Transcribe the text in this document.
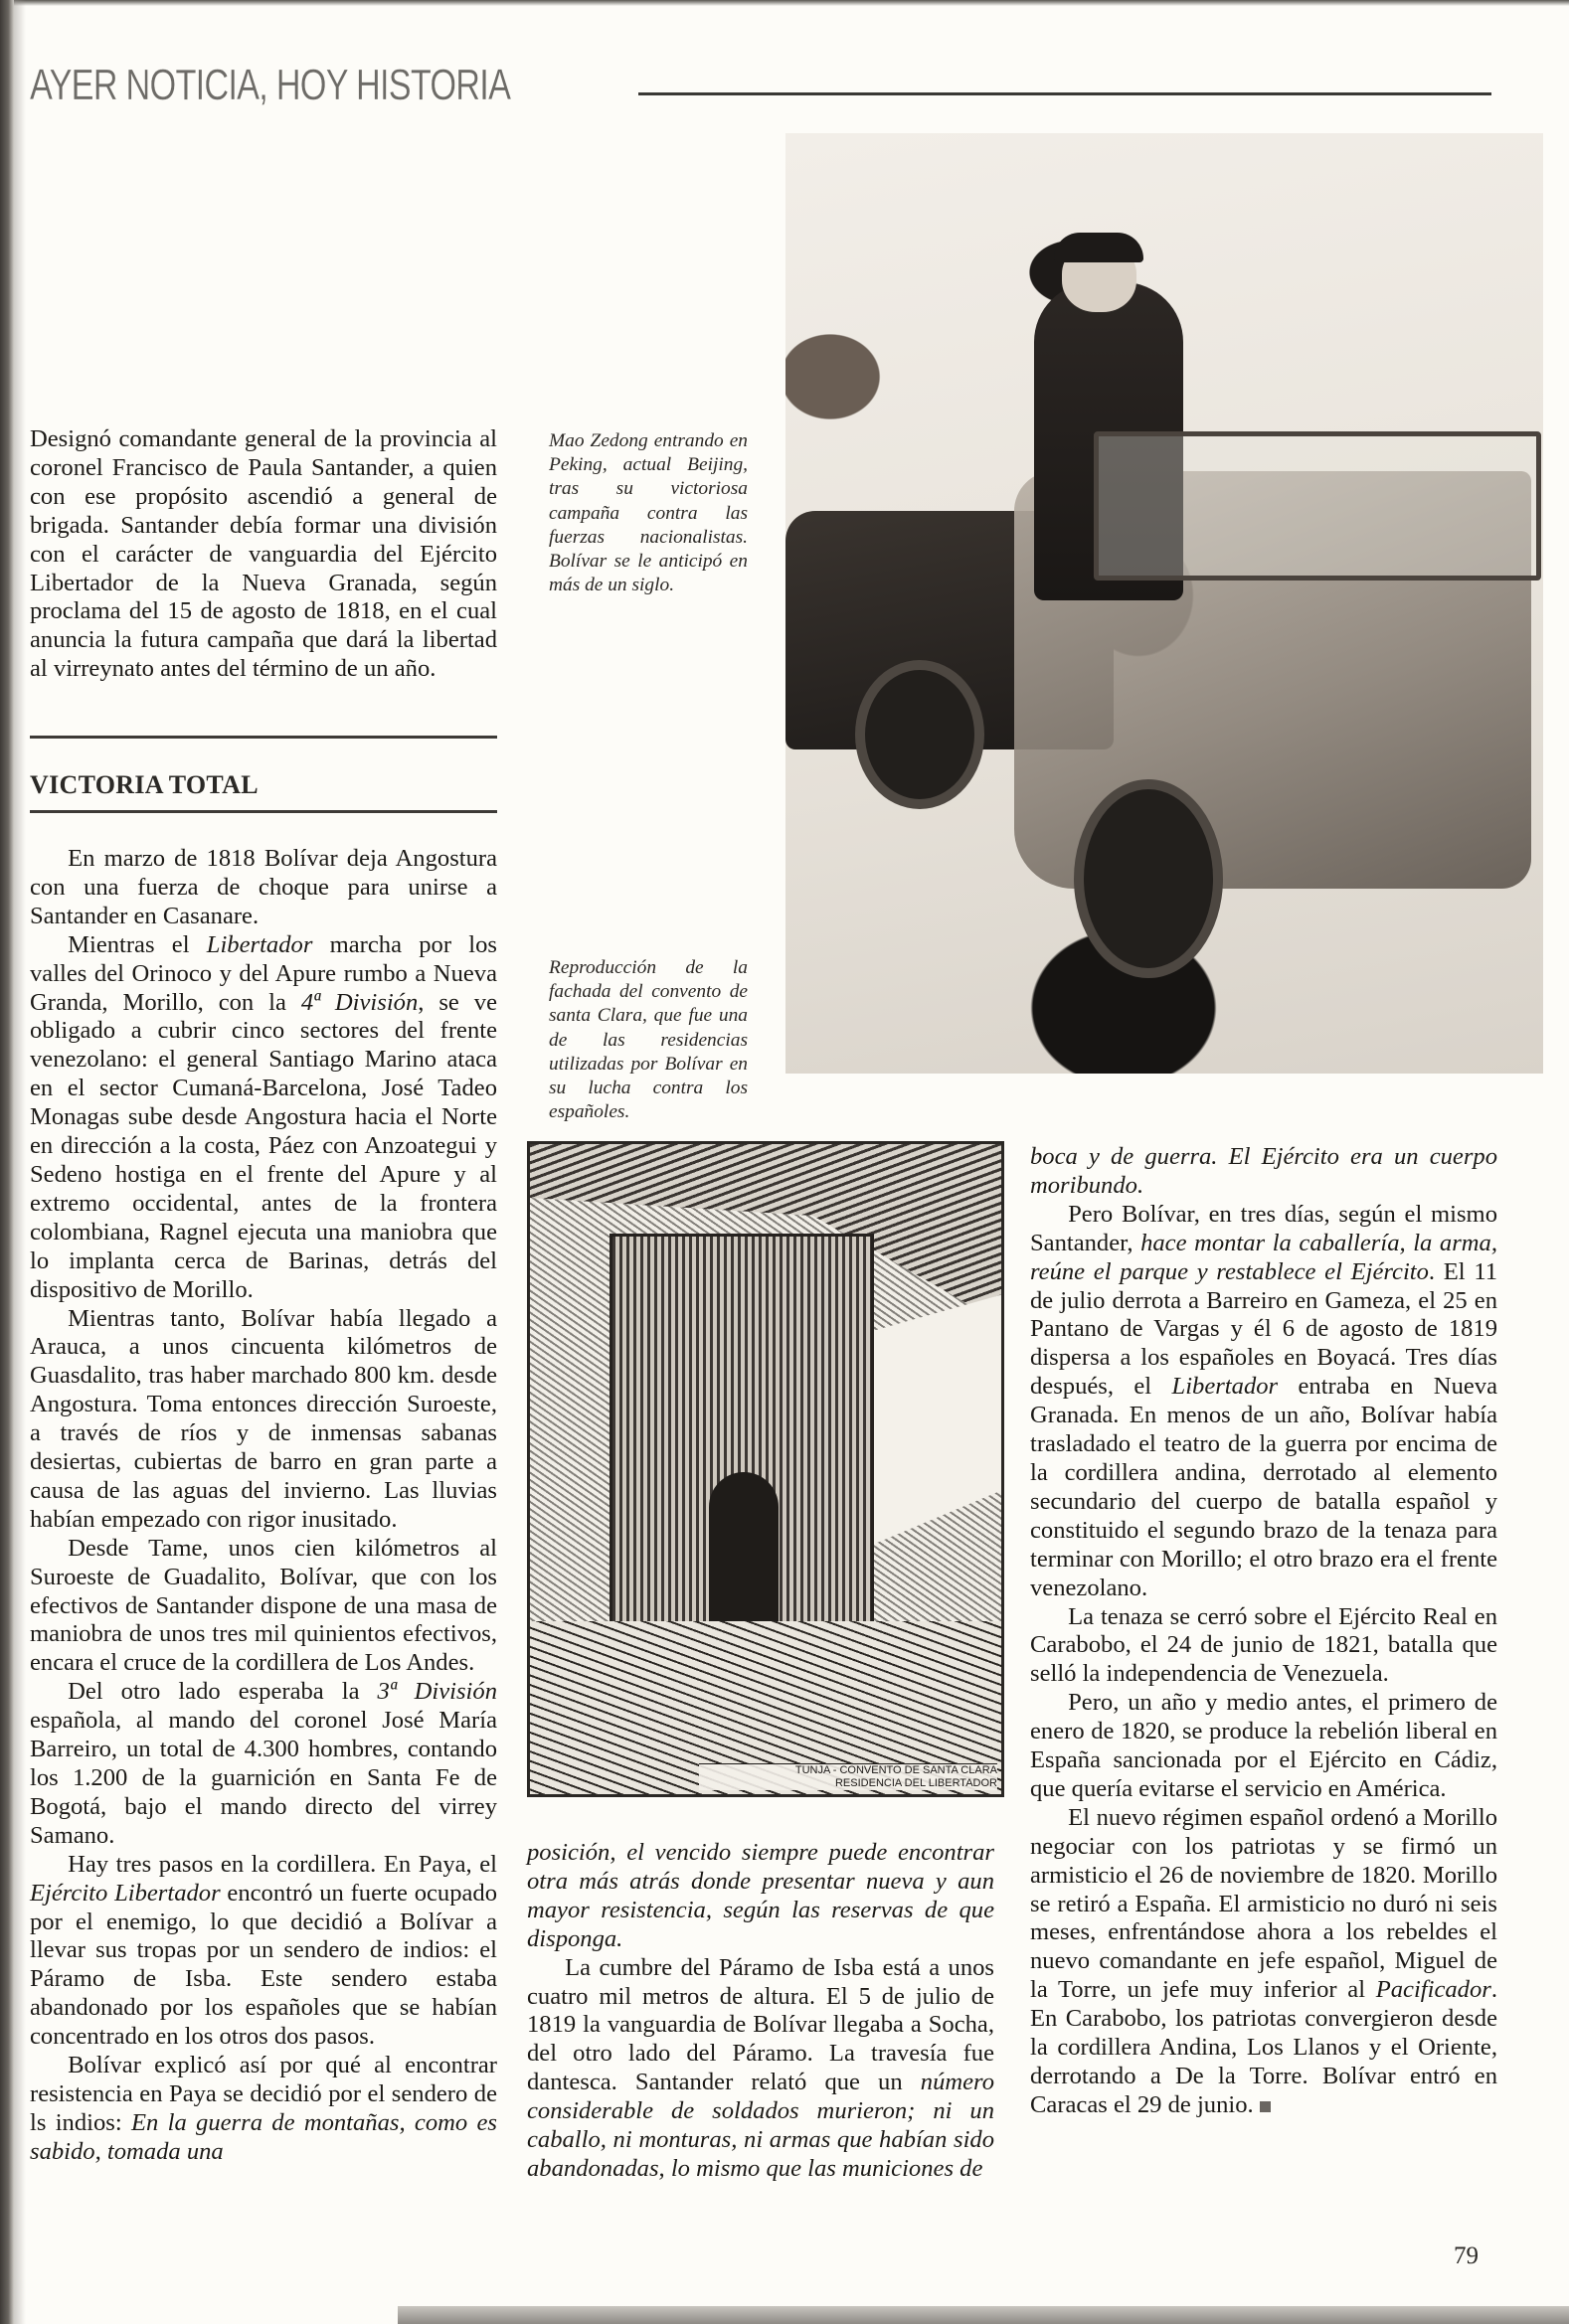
AYER NOTICIA, HOY HISTORIA

Designó comandante general de la provincia al coronel Francisco de Paula Santander, a quien con ese propósito ascendió a general de brigada. Santander debía formar una división con el carácter de vanguardia del Ejército Libertador de la Nueva Granada, según proclama del 15 de agosto de 1818, en el cual anuncia la futura campaña que dará la libertad al virreynato antes del término de un año.

Mao Zedong entrando en Peking, actual Beijing, tras su victoriosa campaña contra las fuerzas nacionalistas. Bolívar se le anticipó en más de un siglo.
Reproducción de la fachada del convento de santa Clara, que fue una de las residencias utilizadas por Bolívar en su lucha contra los españoles.
VICTORIA TOTAL

En marzo de 1818 Bolívar deja Angostura con una fuerza de choque para unirse a Santander en Casanare.

Mientras el Libertador marcha por los valles del Orinoco y del Apure rumbo a Nueva Granda, Morillo, con la 4ª División, se ve obligado a cubrir cinco sectores del frente venezolano: el general Santiago Marino ataca en el sector Cumaná-Barcelona, José Tadeo Monagas sube desde Angostura hacia el Norte en dirección a la costa, Páez con Anzoategui y Sedeno hostiga en el frente del Apure y al extremo occidental, antes de la frontera colombiana, Ragnel ejecuta una maniobra que lo implanta cerca de Barinas, detrás del dispositivo de Morillo.

Mientras tanto, Bolívar había llegado a Arauca, a unos cincuenta kilómetros de Guasdalito, tras haber marchado 800 km. desde Angostura. Toma entonces dirección Suroeste, a través de ríos y de inmensas sabanas desiertas, cubiertas de barro en gran parte a causa de las aguas del invierno. Las lluvias habían empezado con rigor inusitado.

Desde Tame, unos cien kilómetros al Suroeste de Guadalito, Bolívar, que con los efectivos de Santander dispone de una masa de maniobra de unos tres mil quinientos efectivos, encara el cruce de la cordillera de Los Andes.

Del otro lado esperaba la 3ª División española, al mando del coronel José María Barreiro, un total de 4.300 hombres, contando los 1.200 de la guarnición en Santa Fe de Bogotá, bajo el mando directo del virrey Samano.

Hay tres pasos en la cordillera. En Paya, el Ejército Libertador encontró un fuerte ocupado por el enemigo, lo que decidió a Bolívar a llevar sus tropas por un sendero de indios: el Páramo de Isba. Este sendero estaba abandonado por los españoles que se habían concentrado en los otros dos pasos.

Bolívar explicó así por qué al encontrar resistencia en Paya se decidió por el sendero de ls indios: En la guerra de montañas, como es sabido, tomada una

TUNJA - CONVENTO DE SANTA CLARA
RESIDENCIA DEL LIBERTADOR

posición, el vencido siempre puede encontrar otra más atrás donde presentar nueva y aun mayor resistencia, según las reservas de que disponga.

La cumbre del Páramo de Isba está a unos cuatro mil metros de altura. El 5 de julio de 1819 la vanguardia de Bolívar llegaba a Socha, del otro lado del Páramo. La travesía fue dantesca. Santander relató que un número considerable de soldados murieron; ni un caballo, ni monturas, ni armas que habían sido abandonadas, lo mismo que las municiones de

boca y de guerra. El Ejército era un cuerpo moribundo.

Pero Bolívar, en tres días, según el mismo Santander, hace montar la caballería, la arma, reúne el parque y restablece el Ejército. El 11 de julio derrota a Barreiro en Gameza, el 25 en Pantano de Vargas y él 6 de agosto de 1819 dispersa a los españoles en Boyacá. Tres días después, el Libertador entraba en Nueva Granada. En menos de un año, Bolívar había trasladado el teatro de la guerra por encima de la cordillera andina, derrotado al elemento secundario del cuerpo de batalla español y constituido el segundo brazo de la tenaza para terminar con Morillo; el otro brazo era el frente venezolano.

La tenaza se cerró sobre el Ejército Real en Carabobo, el 24 de junio de 1821, batalla que selló la independencia de Venezuela.

Pero, un año y medio antes, el primero de enero de 1820, se produce la rebelión liberal en España sancionada por el Ejército en Cádiz, que quería evitarse el servicio en América.

El nuevo régimen español ordenó a Morillo negociar con los patriotas y se firmó un armisticio el 26 de noviembre de 1820. Morillo se retiró a España. El armisticio no duró ni seis meses, enfrentándose ahora a los rebeldes el nuevo comandante en jefe español, Miguel de la Torre, un jefe muy inferior al Pacificador. En Carabobo, los patriotas convergieron desde la cordillera Andina, Los Llanos y el Oriente, derrotando a De la Torre. Bolívar entró en Caracas el 29 de junio.

79
